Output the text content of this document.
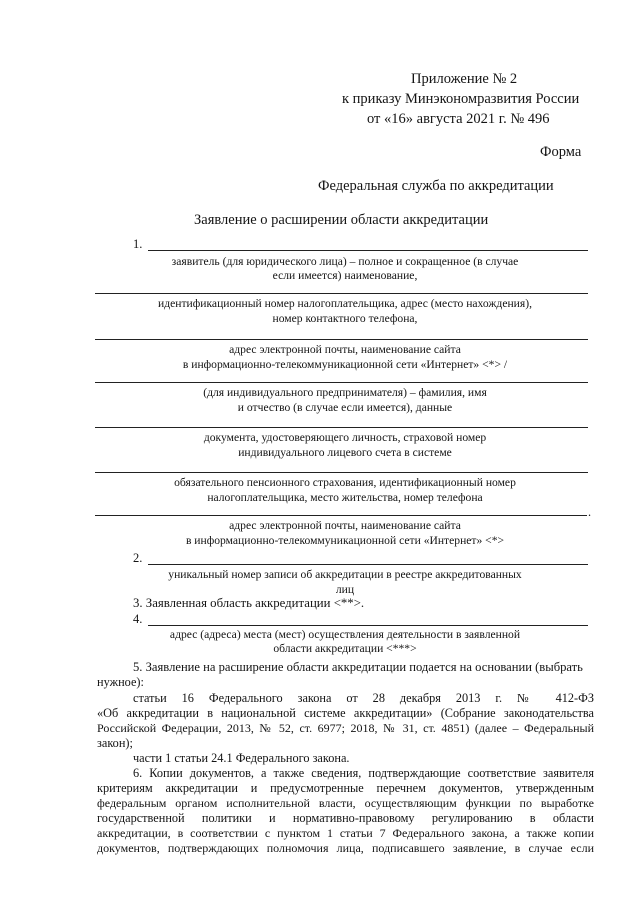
Приложение № 2
к приказу Минэкономразвития России
от «16» августа 2021 г. № 496
Форма
Федеральная служба по аккредитации
Заявление о расширении области аккредитации
1.
заявитель (для юридического лица) – полное и сокращенное (в случае
если имеется) наименование,
идентификационный номер налогоплательщика, адрес (место нахождения),
номер контактного телефона,
адрес электронной почты, наименование сайта
в информационно-телекоммуникационной сети «Интернет» <*> /
(для индивидуального предпринимателя) – фамилия, имя
и отчество (в случае если имеется), данные
документа, удостоверяющего личность, страховой номер
индивидуального лицевого счета в системе
обязательного пенсионного страхования, идентификационный номер
налогоплательщика, место жительства, номер телефона
.
адрес электронной почты, наименование сайта
в информационно-телекоммуникационной сети «Интернет» <*>
2.
уникальный номер записи об аккредитации в реестре аккредитованных
лиц
3. Заявленная область аккредитации <**>.
4.
адрес (адреса) места (мест) осуществления деятельности в заявленной
области аккредитации <***>
5. Заявление на расширение области аккредитации подается на основании (выбрать
нужное):
статьи 16 Федерального закона от 28 декабря 2013 г. № 412-ФЗ
«Об аккредитации в национальной системе аккредитации» (Собрание законодательства
Российской Федерации, 2013, № 52, ст. 6977; 2018, № 31, ст. 4851) (далее – Федеральный
закон);
части 1 статьи 24.1 Федерального закона.
6. Копии документов, а также сведения, подтверждающие соответствие заявителя
критериям аккредитации и предусмотренные перечнем документов, утвержденным
федеральным органом исполнительной власти, осуществляющим функции по выработке
государственной политики и нормативно-правовому регулированию в области
аккредитации, в соответствии с пунктом 1 статьи 7 Федерального закона, а также копии
документов, подтверждающих полномочия лица, подписавшего заявление, в случае если
